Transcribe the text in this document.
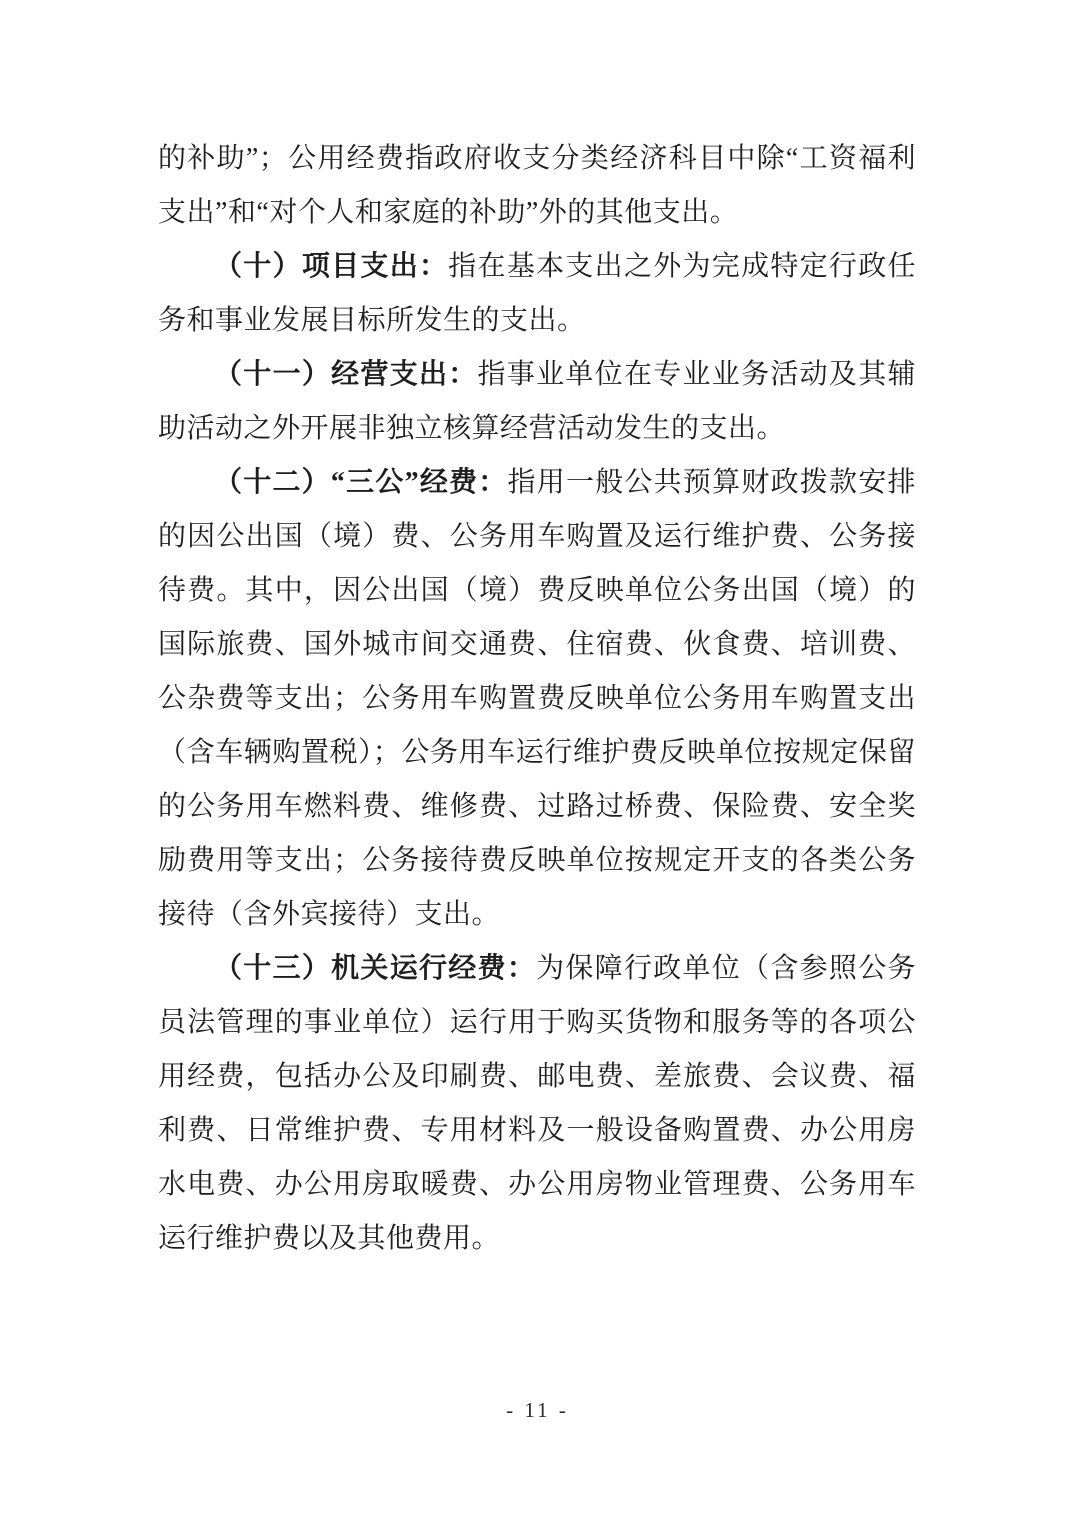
的补助”；公用经费指政府收支分类经济科目中除“工资福利支出”和“对个人和家庭的补助”外的其他支出。

（十）项目支出：指在基本支出之外为完成特定行政任务和事业发展目标所发生的支出。

（十一）经营支出：指事业单位在专业业务活动及其辅助活动之外开展非独立核算经营活动发生的支出。

（十二）“三公”经费：指用一般公共预算财政拨款安排的因公出国（境）费、公务用车购置及运行维护费、公务接待费。其中，因公出国（境）费反映单位公务出国（境）的国际旅费、国外城市间交通费、住宿费、伙食费、培训费、公杂费等支出；公务用车购置费反映单位公务用车购置支出（含车辆购置税）；公务用车运行维护费反映单位按规定保留的公务用车燃料费、维修费、过路过桥费、保险费、安全奖励费用等支出；公务接待费反映单位按规定开支的各类公务接待（含外宾接待）支出。

（十三）机关运行经费：为保障行政单位（含参照公务员法管理的事业单位）运行用于购买货物和服务等的各项公用经费，包括办公及印刷费、邮电费、差旅费、会议费、福利费、日常维护费、专用材料及一般设备购置费、办公用房水电费、办公用房取暖费、办公用房物业管理费、公务用车运行维护费以及其他费用。

- 11 -
